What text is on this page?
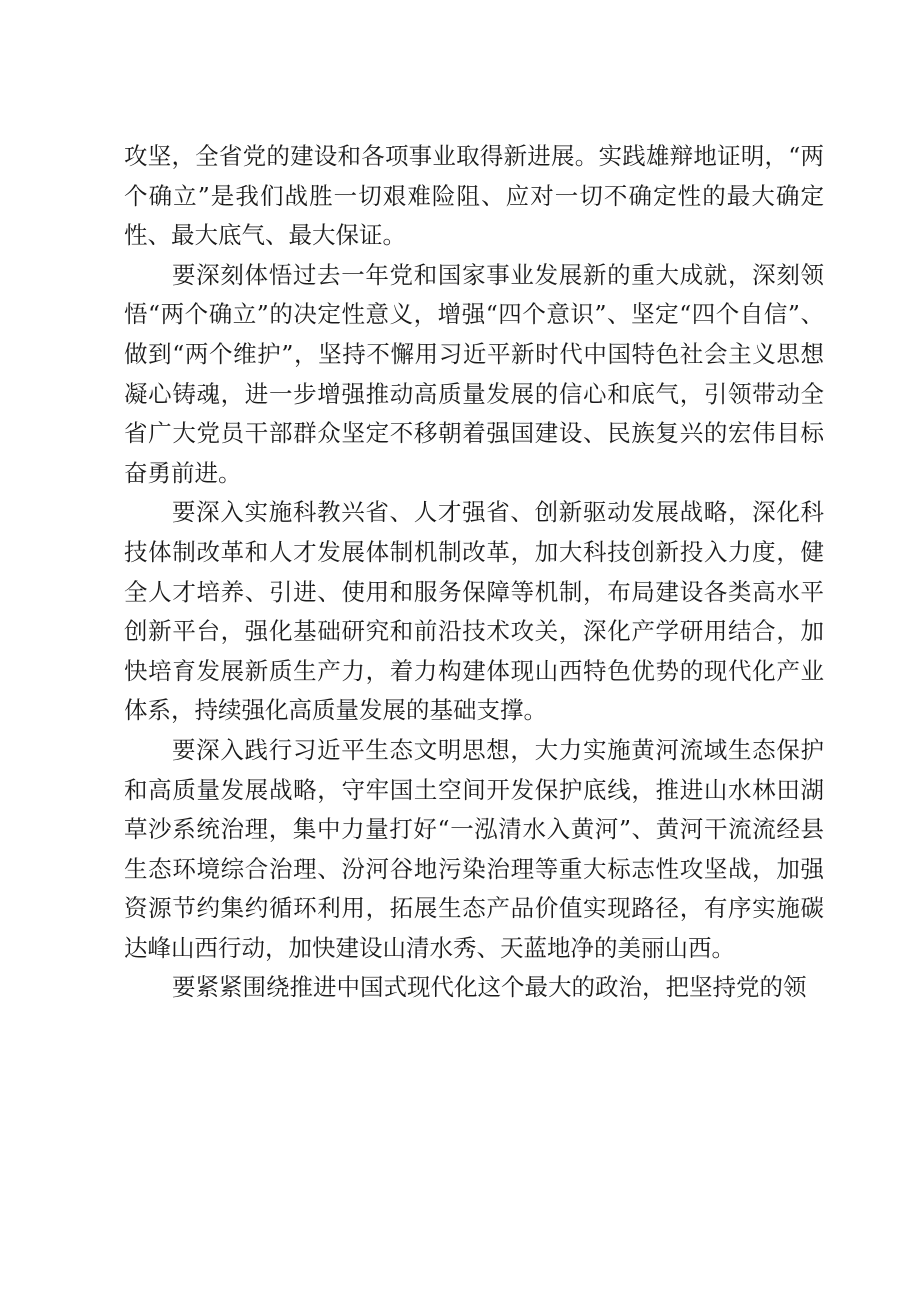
攻坚，全省党的建设和各项事业取得新进展。实践雄辩地证明，“两个确立”是我们战胜一切艰难险阻、应对一切不确定性的最大确定性、最大底气、最大保证。

要深刻体悟过去一年党和国家事业发展新的重大成就，深刻领悟“两个确立”的决定性意义，增强“四个意识”、坚定“四个自信”、做到“两个维护”，坚持不懈用习近平新时代中国特色社会主义思想凝心铸魂，进一步增强推动高质量发展的信心和底气，引领带动全省广大党员干部群众坚定不移朝着强国建设、民族复兴的宏伟目标奋勇前进。

要深入实施科教兴省、人才强省、创新驱动发展战略，深化科技体制改革和人才发展体制机制改革，加大科技创新投入力度，健全人才培养、引进、使用和服务保障等机制，布局建设各类高水平创新平台，强化基础研究和前沿技术攻关，深化产学研用结合，加快培育发展新质生产力，着力构建体现山西特色优势的现代化产业体系，持续强化高质量发展的基础支撑。

要深入践行习近平生态文明思想，大力实施黄河流域生态保护和高质量发展战略，守牢国土空间开发保护底线，推进山水林田湖草沙系统治理，集中力量打好“一泓清水入黄河”、黄河干流流经县生态环境综合治理、汾河谷地污染治理等重大标志性攻坚战，加强资源节约集约循环利用，拓展生态产品价值实现路径，有序实施碳达峰山西行动，加快建设山清水秀、天蓝地净的美丽山西。

要紧紧围绕推进中国式现代化这个最大的政治，把坚持党的领
